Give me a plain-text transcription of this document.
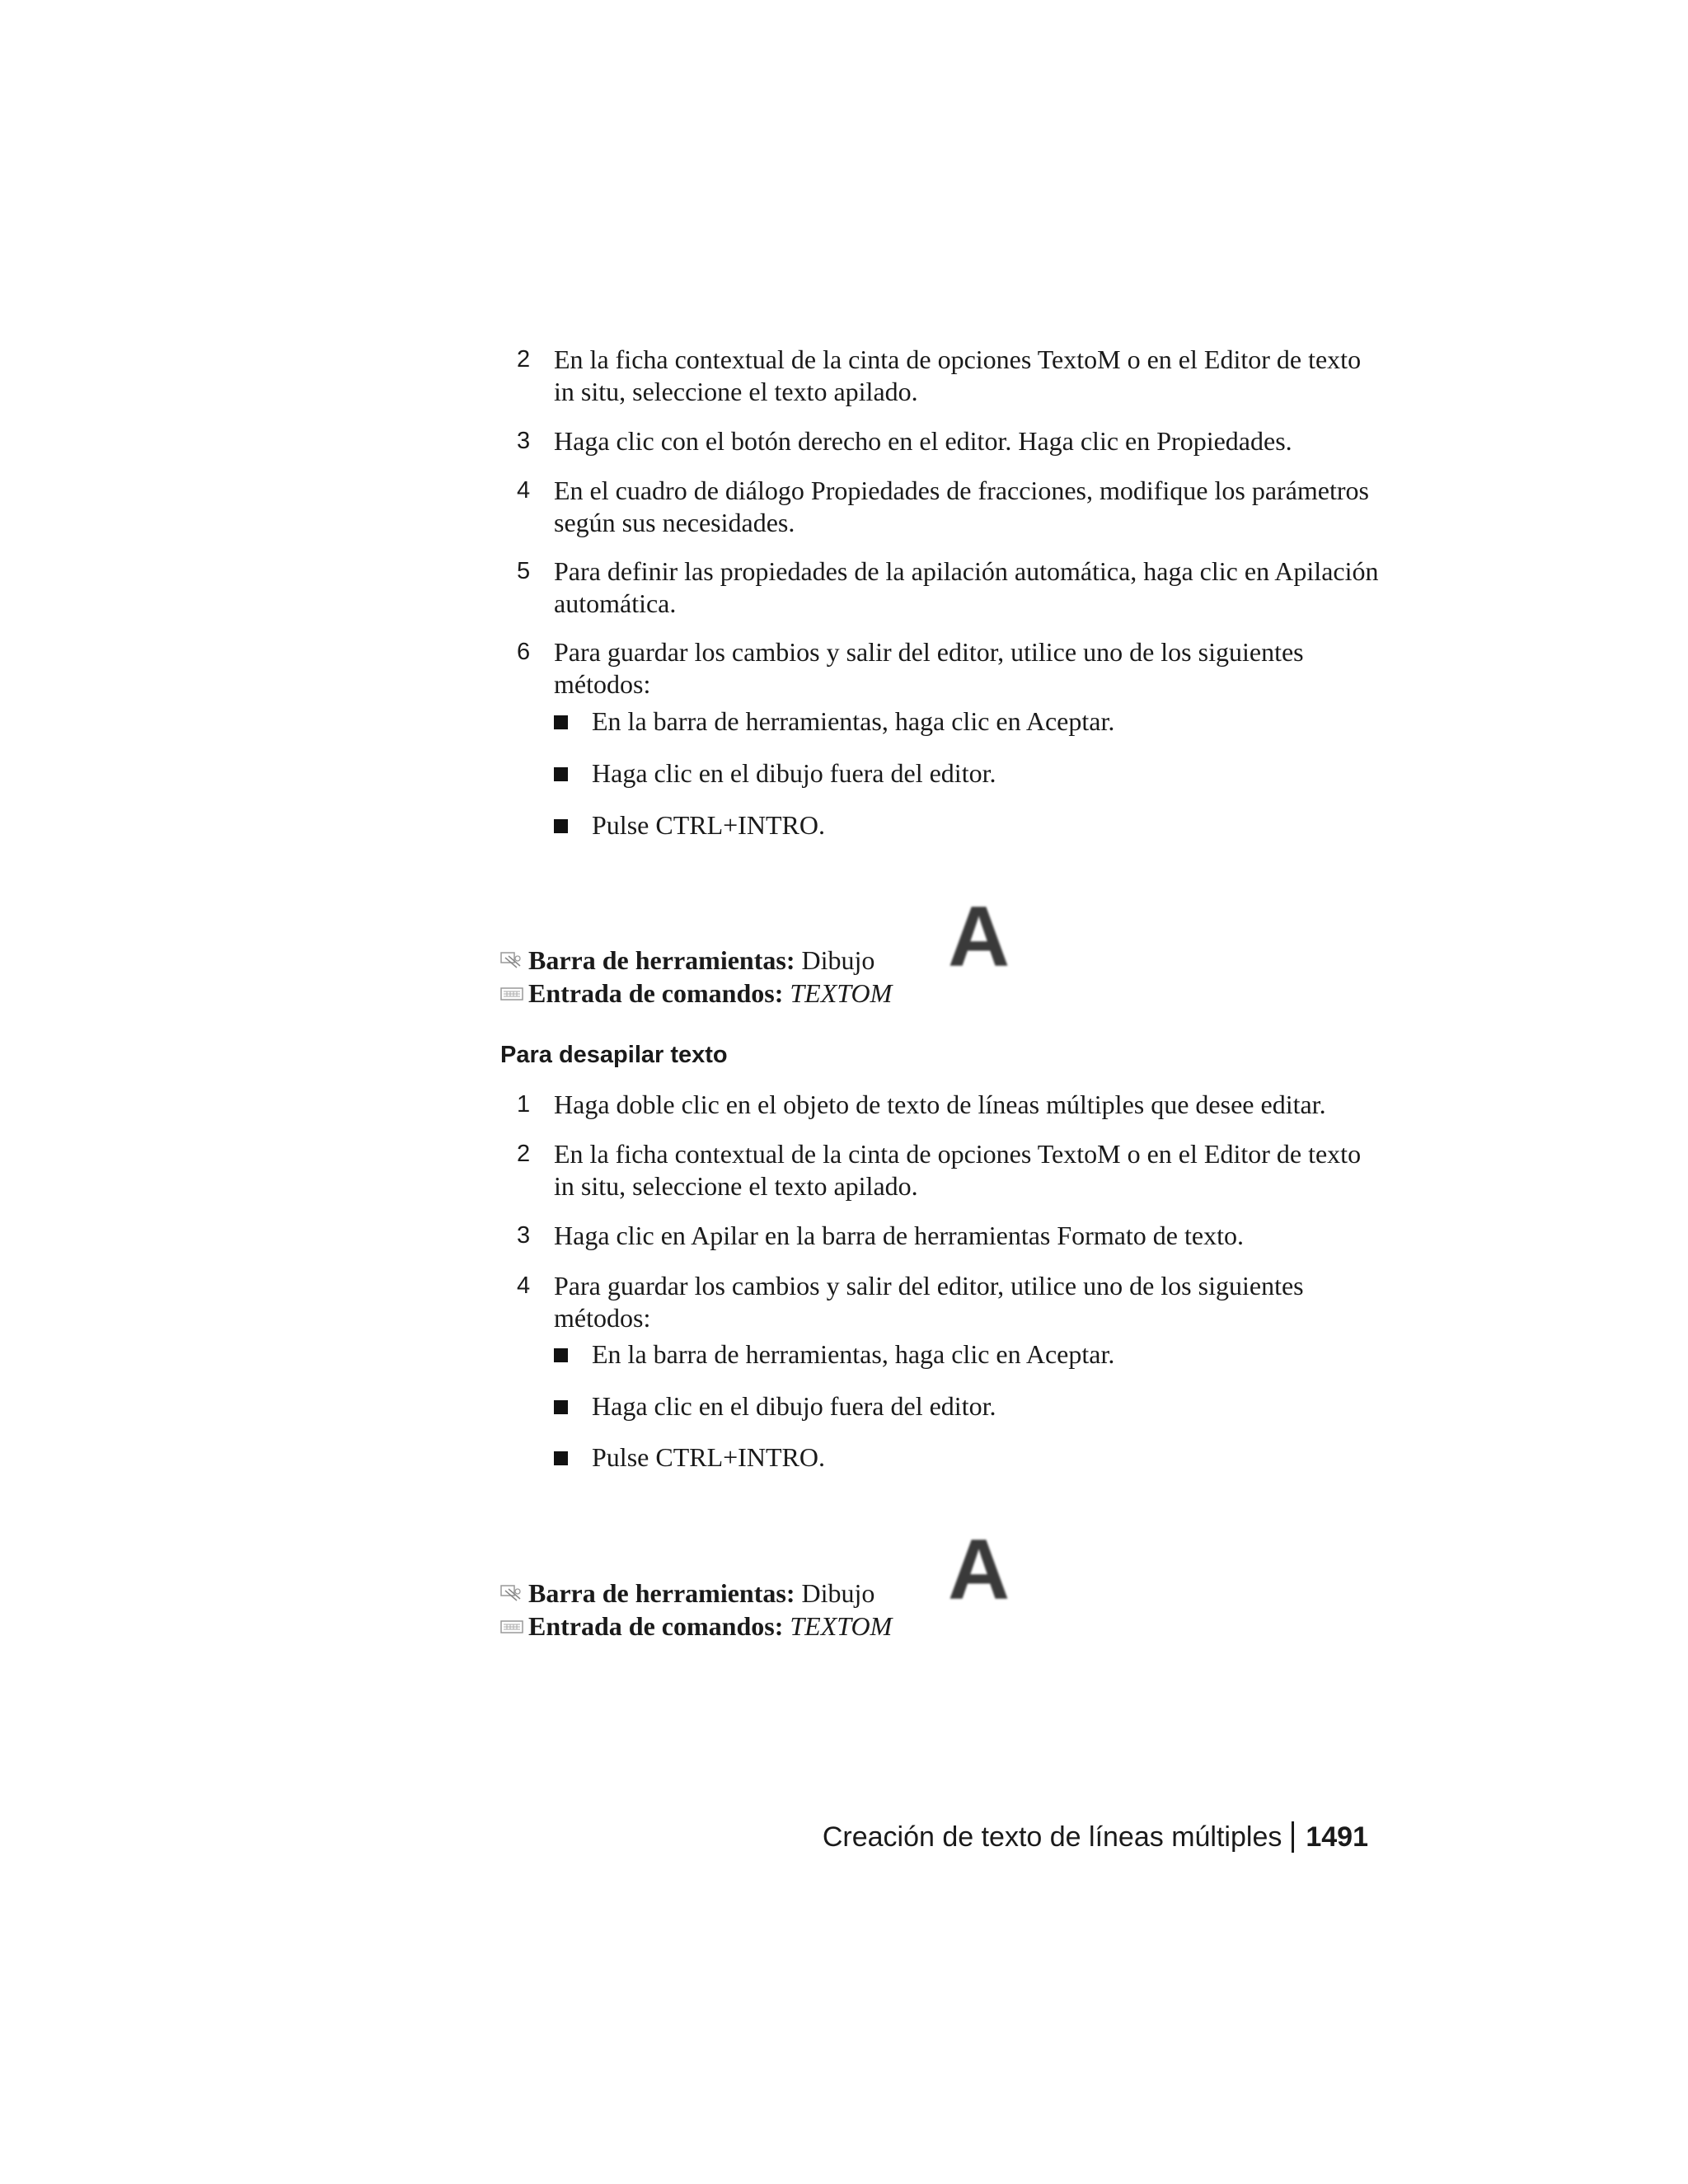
2 En la ficha contextual de la cinta de opciones TextoM o en el Editor de texto in situ, seleccione el texto apilado.
3 Haga clic con el botón derecho en el editor. Haga clic en Propiedades.
4 En el cuadro de diálogo Propiedades de fracciones, modifique los parámetros según sus necesidades.
5 Para definir las propiedades de la apilación automática, haga clic en Apilación automática.
6 Para guardar los cambios y salir del editor, utilice uno de los siguientes métodos:
En la barra de herramientas, haga clic en Aceptar.
Haga clic en el dibujo fuera del editor.
Pulse CTRL+INTRO.
A
Barra de herramientas: Dibujo
Entrada de comandos: TEXTOM
Para desapilar texto
1 Haga doble clic en el objeto de texto de líneas múltiples que desee editar.
2 En la ficha contextual de la cinta de opciones TextoM o en el Editor de texto in situ, seleccione el texto apilado.
3 Haga clic en Apilar en la barra de herramientas Formato de texto.
4 Para guardar los cambios y salir del editor, utilice uno de los siguientes métodos:
En la barra de herramientas, haga clic en Aceptar.
Haga clic en el dibujo fuera del editor.
Pulse CTRL+INTRO.
A
Barra de herramientas: Dibujo
Entrada de comandos: TEXTOM
Creación de texto de líneas múltiples 1491
